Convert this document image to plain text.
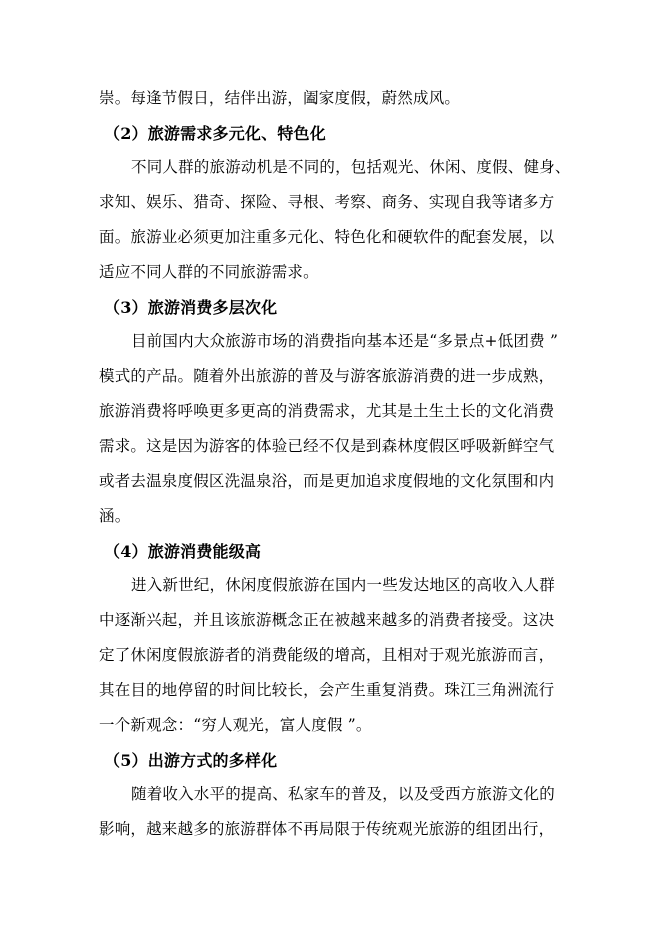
崇。每逢节假日，结伴出游，阖家度假，蔚然成风。
（2）旅游需求多元化、特色化
不同人群的旅游动机是不同的，包括观光、休闲、度假、健身、
求知、娱乐、猎奇、探险、寻根、考察、商务、实现自我等诸多方
面。旅游业必须更加注重多元化、特色化和硬软件的配套发展，以
适应不同人群的不同旅游需求。
（3）旅游消费多层次化
目前国内大众旅游市场的消费指向基本还是“多景点+低团费 ”
模式的产品。随着外出旅游的普及与游客旅游消费的进一步成熟，
旅游消费将呼唤更多更高的消费需求，尤其是土生土长的文化消费
需求。这是因为游客的体验已经不仅是到森林度假区呼吸新鲜空气
或者去温泉度假区洗温泉浴，而是更加追求度假地的文化氛围和内
涵。
（4）旅游消费能级高
进入新世纪，休闲度假旅游在国内一些发达地区的高收入人群
中逐渐兴起，并且该旅游概念正在被越来越多的消费者接受。这决
定了休闲度假旅游者的消费能级的增高，且相对于观光旅游而言，
其在目的地停留的时间比较长，会产生重复消费。珠江三角洲流行
一个新观念：“穷人观光，富人度假 ”。
（5）出游方式的多样化
随着收入水平的提高、私家车的普及，以及受西方旅游文化的
影响，越来越多的旅游群体不再局限于传统观光旅游的组团出行，
